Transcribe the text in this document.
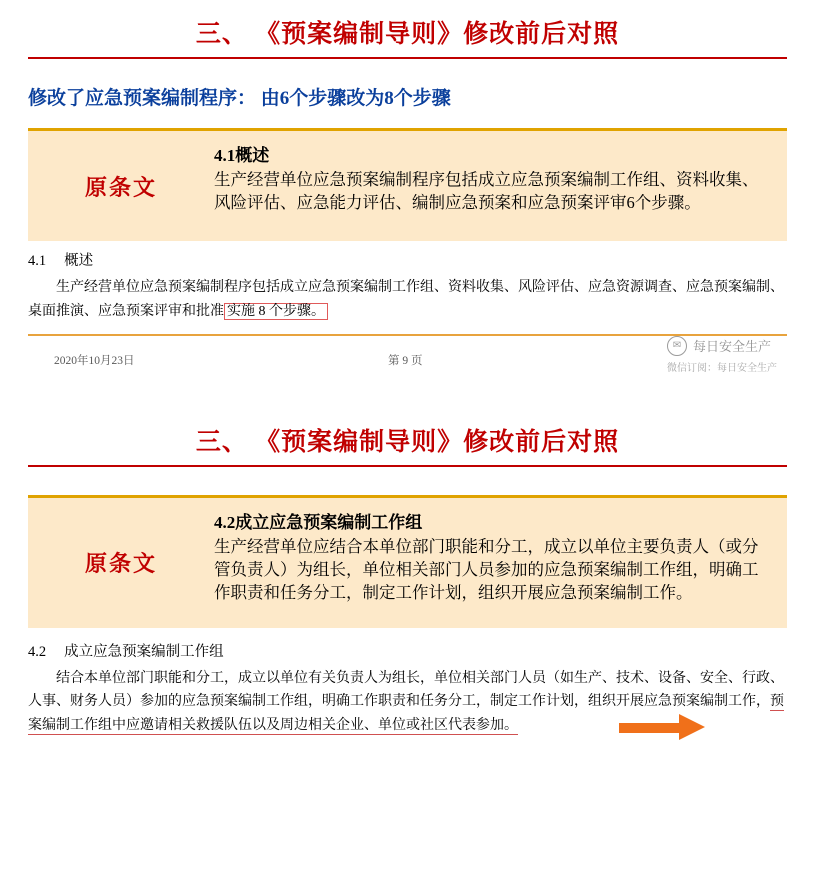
三、 《预案编制导则》修改前后对照
修改了应急预案编制程序： 由6个步骤改为8个步骤
原条文
4.1概述
生产经营单位应急预案编制程序包括成立应急预案编制工作组、资料收集、风险评估、应急能力评估、编制应急预案和应急预案评审6个步骤。
4.1 概述
生产经营单位应急预案编制程序包括成立应急预案编制工作组、资料收集、风险评估、应急资源调查、应急预案编制、桌面推演、应急预案评审和批准 实施 8 个步骤。
2020年10月23日	第 9 页
✉ 每日安全生产
微信订阅：每日安全生产
三、 《预案编制导则》修改前后对照
原条文
4.2成立应急预案编制工作组
生产经营单位应结合本单位部门职能和分工，成立以单位主要负责人（或分管负责人）为组长，单位相关部门人员参加的应急预案编制工作组，明确工作职责和任务分工，制定工作计划，组织开展应急预案编制工作。
4.2 成立应急预案编制工作组
结合本单位部门职能和分工，成立以单位有关负责人为组长，单位相关部门人员（如生产、技术、设备、安全、行政、人事、财务人员）参加的应急预案编制工作组，明确工作职责和任务分工，制定工作计划，组织开展应急预案编制工作，预案编制工作组中应邀请相关救援队伍以及周边相关企业、单位或社区代表参加。
